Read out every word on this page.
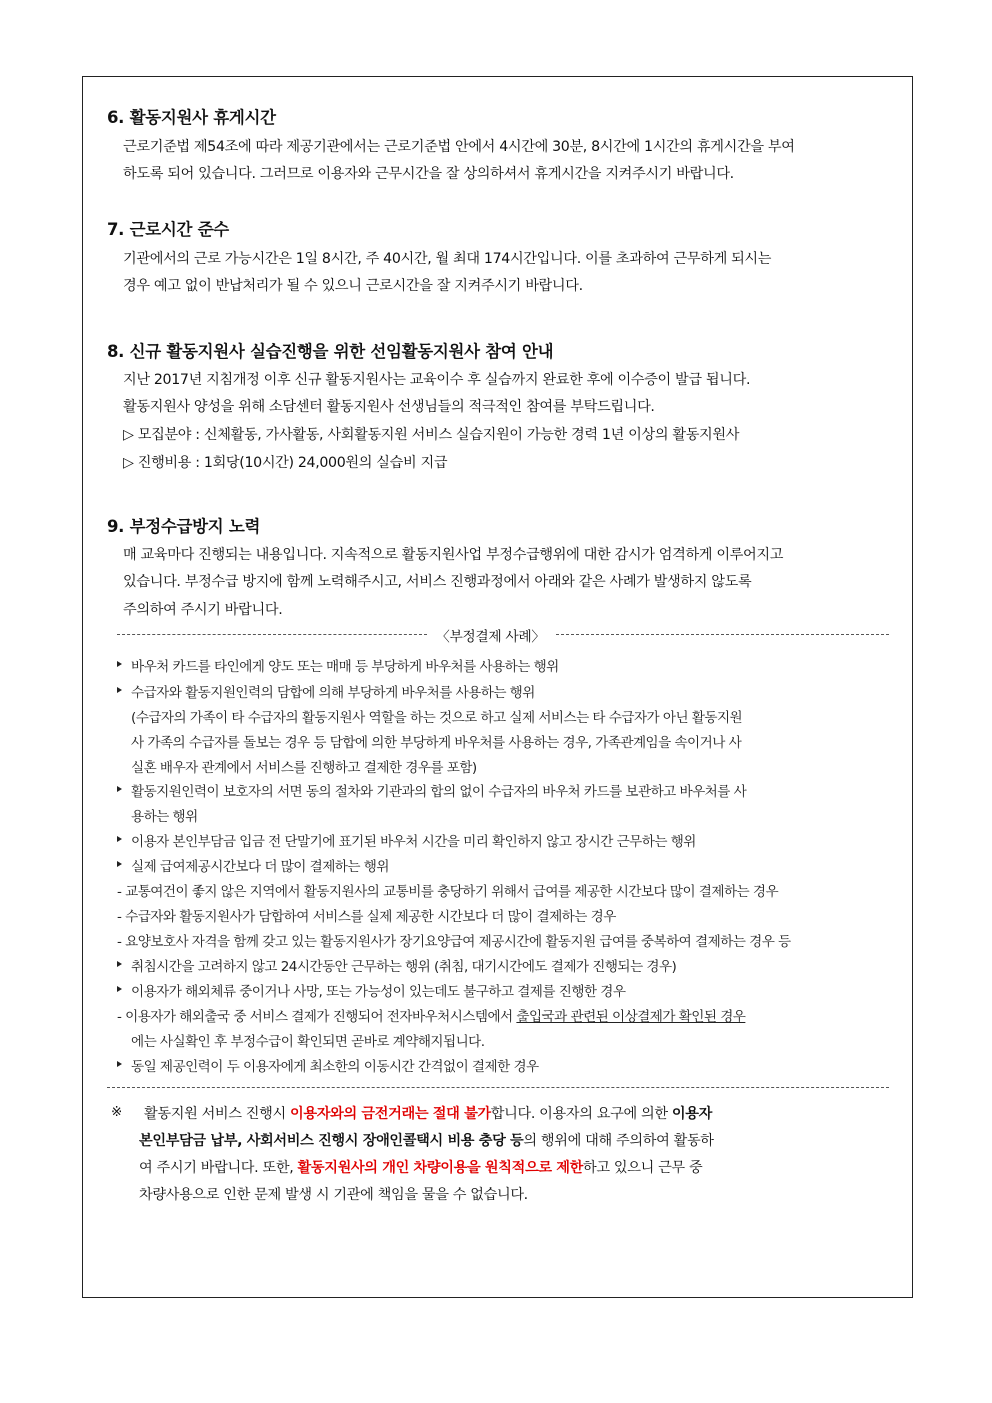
6. 활동지원사 휴게시간
근로기준법 제54조에 따라 제공기관에서는 근로기준법 안에서 4시간에 30분, 8시간에 1시간의 휴게시간을 부여
하도록 되어 있습니다. 그러므로 이용자와 근무시간을 잘 상의하셔서 휴게시간을 지켜주시기 바랍니다.
7. 근로시간 준수
기관에서의 근로 가능시간은 1일 8시간, 주 40시간, 월 최대 174시간입니다. 이를 초과하여 근무하게 되시는
경우 예고 없이 반납처리가 될 수 있으니 근로시간을 잘 지켜주시기 바랍니다.
8. 신규 활동지원사 실습진행을 위한 선임활동지원사 참여 안내
지난 2017년 지침개정 이후 신규 활동지원사는 교육이수 후 실습까지 완료한 후에 이수증이 발급 됩니다.
활동지원사 양성을 위해 소담센터 활동지원사 선생님들의 적극적인 참여를 부탁드립니다.
▷ 모집분야 : 신체활동, 가사활동, 사회활동지원 서비스 실습지원이 가능한 경력 1년 이상의 활동지원사
▷ 진행비용 : 1회당(10시간) 24,000원의 실습비 지급
9. 부정수급방지 노력
매 교육마다 진행되는 내용입니다. 지속적으로 활동지원사업 부정수급행위에 대한 감시가 엄격하게 이루어지고
있습니다. 부정수급 방지에 함께 노력해주시고, 서비스 진행과정에서 아래와 같은 사례가 발생하지 않도록
주의하여 주시기 바랍니다.
〈부정결제 사례〉
바우처 카드를 타인에게 양도 또는 매매 등 부당하게 바우처를 사용하는 행위
수급자와 활동지원인력의 담합에 의해 부당하게 바우처를 사용하는 행위
(수급자의 가족이 타 수급자의 활동지원사 역할을 하는 것으로 하고 실제 서비스는 타 수급자가 아닌 활동지원
사 가족의 수급자를 돌보는 경우 등 담합에 의한 부당하게 바우처를 사용하는 경우, 가족관계임을 속이거나 사
실혼 배우자 관계에서 서비스를 진행하고 결제한 경우를 포함)
활동지원인력이 보호자의 서면 동의 절차와 기관과의 합의 없이 수급자의 바우처 카드를 보관하고 바우처를 사
용하는 행위
이용자 본인부담금 입금 전 단말기에 표기된 바우처 시간을 미리 확인하지 않고 장시간 근무하는 행위
실제 급여제공시간보다 더 많이 결제하는 행위
- 교통여건이 좋지 않은 지역에서 활동지원사의 교통비를 충당하기 위해서 급여를 제공한 시간보다 많이 결제하는 경우
- 수급자와 활동지원사가 담합하여 서비스를 실제 제공한 시간보다 더 많이 결제하는 경우
- 요양보호사 자격을 함께 갖고 있는 활동지원사가 장기요양급여 제공시간에 활동지원 급여를 중복하여 결제하는 경우 등
취침시간을 고려하지 않고 24시간동안 근무하는 행위 (취침, 대기시간에도 결제가 진행되는 경우)
이용자가 해외체류 중이거나 사망, 또는 가능성이 있는데도 불구하고 결제를 진행한 경우
- 이용자가 해외출국 중 서비스 결제가 진행되어 전자바우처시스템에서 출입국과 관련된 이상결제가 확인된 경우
에는 사실확인 후 부정수급이 확인되면 곧바로 계약해지됩니다.
동일 제공인력이 두 이용자에게 최소한의 이동시간 간격없이 결제한 경우
※ 활동지원 서비스 진행시 이용자와의 금전거래는 절대 불가합니다. 이용자의 요구에 의한 이용자
본인부담금 납부, 사회서비스 진행시 장애인콜택시 비용 충당 등의 행위에 대해 주의하여 활동하
여 주시기 바랍니다. 또한, 활동지원사의 개인 차량이용을 원칙적으로 제한하고 있으니 근무 중
차량사용으로 인한 문제 발생 시 기관에 책임을 물을 수 없습니다.
